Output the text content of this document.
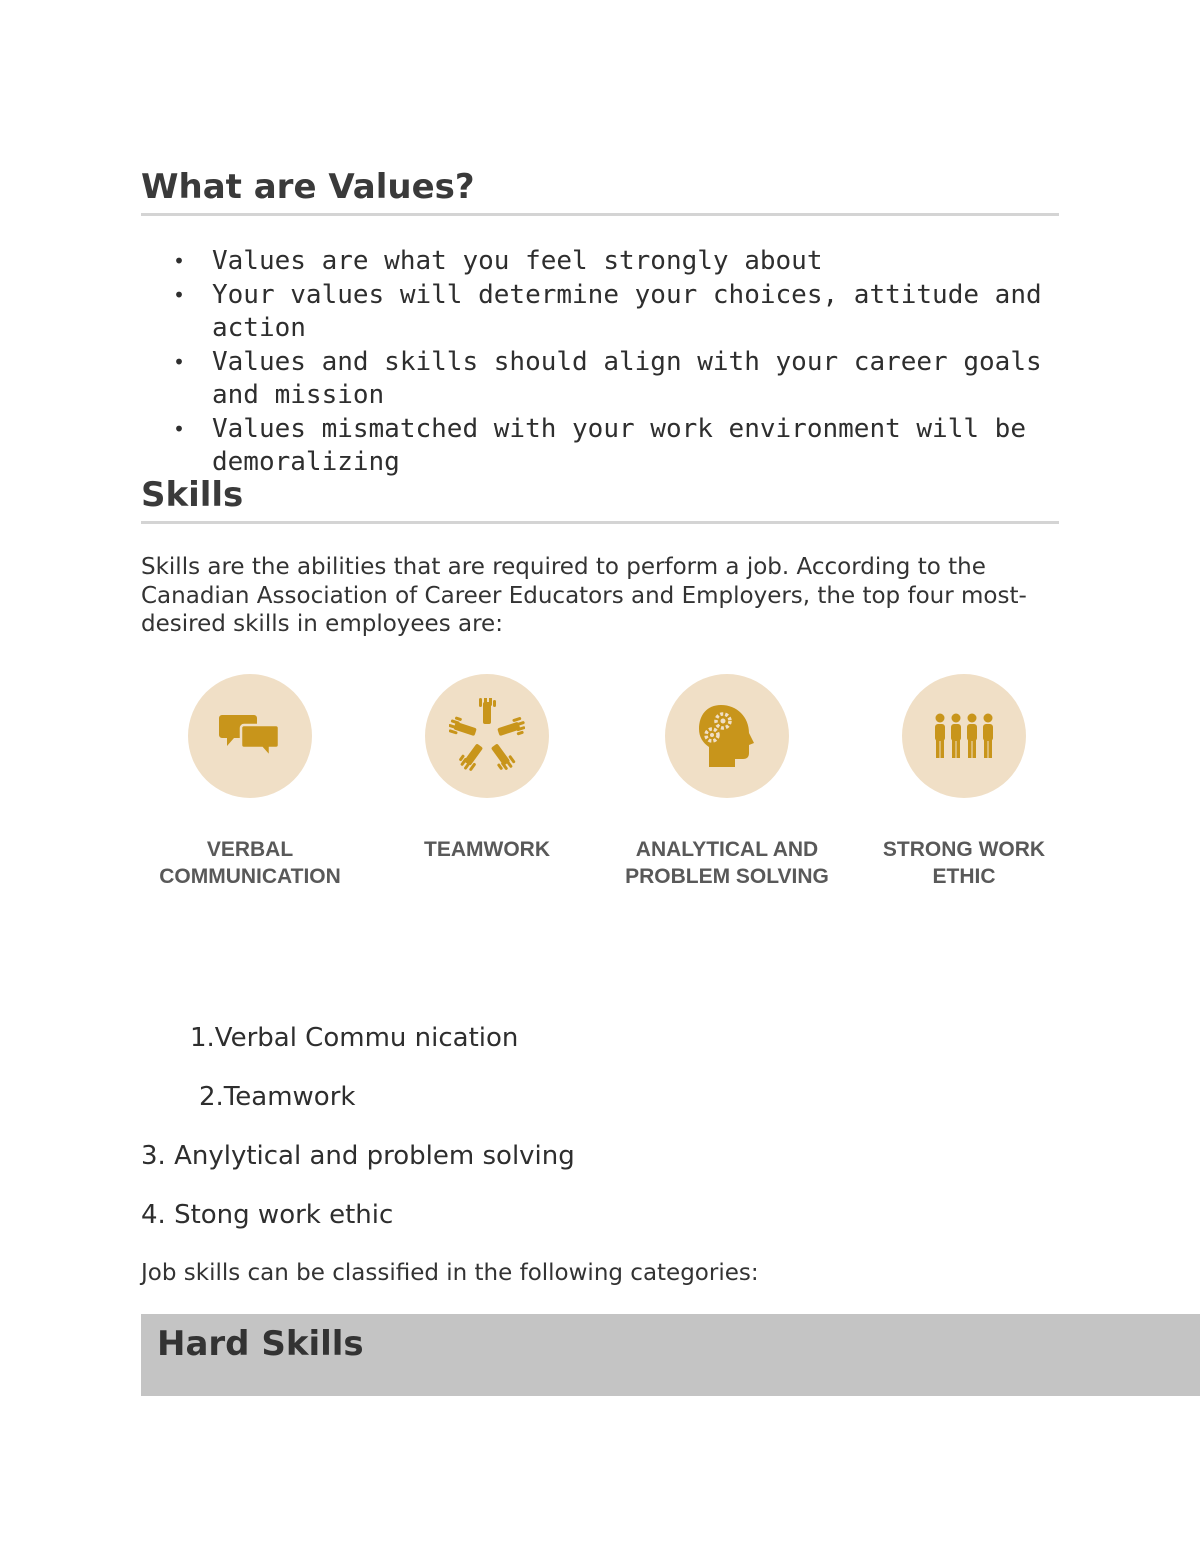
What are Values?
• Values are what you feel strongly about
• Your values will determine your choices, attitude and action
• Values and skills should align with your career goals and mission
• Values mismatched with your work environment will be demoralizing
Skills

Skills are the abilities that are required to perform a job. According to the Canadian Association of Career Educators and Employers, the top four most-desired skills in employees are:

VERBAL
COMMUNICATION
TEAMWORK	ANALYTICAL AND
PROBLEM SOLVING
STRONG WORK
ETHIC

1.Verbal Commu nication

2.Teamwork

3. Anylytical and problem solving

4. Stong work ethic

Job skills can be classified in the following categories:

Hard Skills
